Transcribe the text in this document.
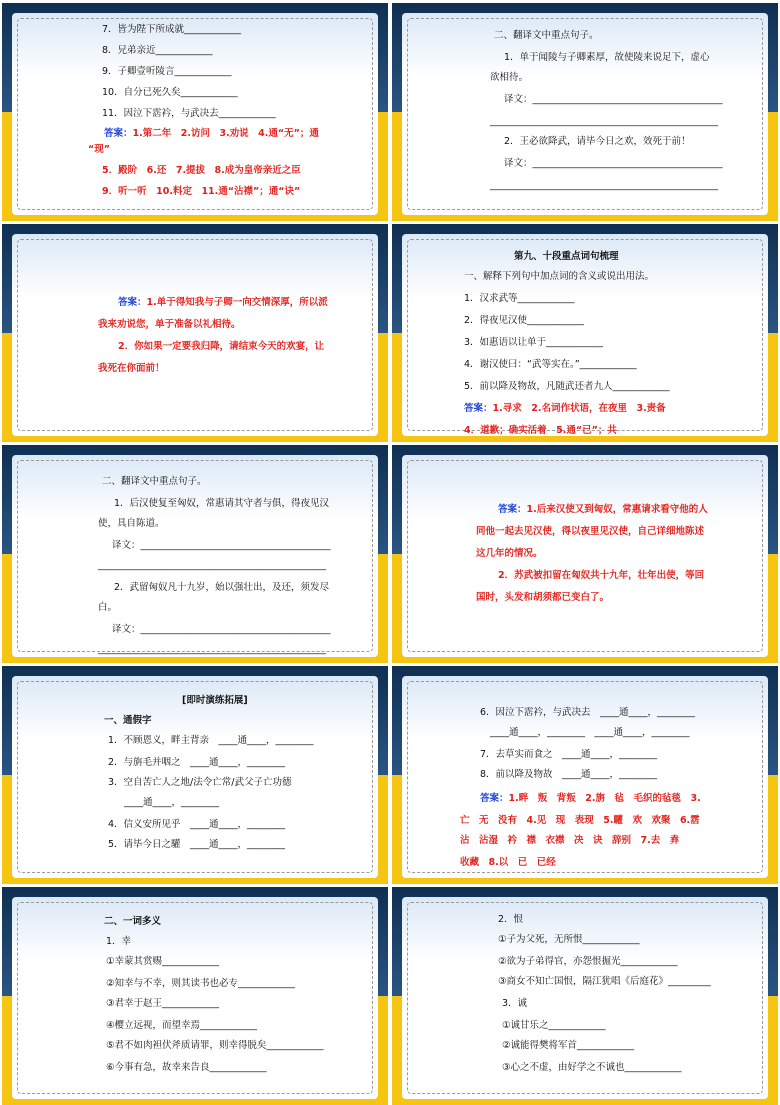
7．皆为陛下所成就____________
8．兄弟亲近____________
9．子卿壹听陵言____________
10．自分已死久矣____________
11．因泣下霑衿，与武决去____________
答案：1.第二年　2.访问　3.劝说　4.通“无”；通
“现”
5．殿阶　6.还　7.提拔　8.成为皇帝亲近之臣
9．听一听　10.料定　11.通“沾襟”；通“诀”
二、翻译文中重点句子。
1．单于闻陵与子卿素厚，故使陵来说足下，虚心
欲相待。
译文：________________________________________
________________________________________________
2．王必欲降武，请毕今日之欢，效死于前！
译文：________________________________________
________________________________________________
答案：1.单于得知我与子卿一向交情深厚，所以派
我来劝说您，单于准备以礼相待。
2．你如果一定要我归降，请结束今天的欢宴，让
我死在你面前！
第九、十段重点词句梳理
一、解释下列句中加点词的含义或说出用法。
1．汉求武等____________
2．得夜见汉使____________
3．如惠语以让单于____________
4．谢汉使曰：“武等实在。”____________
5．前以降及物故，凡随武还者九人____________
答案：1.寻求　2.名词作状语，在夜里　3.责备
4．道歉；确实活着　5.通“已”；共
二、翻译文中重点句子。
1．后汉使复至匈奴，常惠请其守者与俱，得夜见汉
使，具自陈道。
译文：________________________________________
________________________________________________
2．武留匈奴凡十九岁，始以强壮出，及还，须发尽
白。
译文：________________________________________
________________________________________________
答案：1.后来汉使又到匈奴，常惠请求看守他的人
同他一起去见汉使，得以夜里见汉使，自己详细地陈述
这几年的情况。
2．苏武被扣留在匈奴共十九年，壮年出使，等回
国时，头发和胡须都已变白了。
[即时演练拓展]
一、通假字
1．不顾恩义，畔主背亲　____通____，________
2．与旃毛并咽之　____通____，________
3．空自苦亡人之地/法令亡常/武父子亡功德
____通____，________
4．信义安所见乎　____通____，________
5．请毕今日之驩　____通____，________
6．因泣下霑衿，与武决去　____通____，________
____通____，________　____通____，________
7．去草实而食之　____通____，________
8．前以降及物故　____通____，________
答案：1.畔　叛　背叛　2.旃　毡　毛织的毡毯　3.
亡　无　没有　4.见　现　表现　5.驩　欢　欢聚　6.霑
沾　沾湿　衿　襟　衣襟　决　诀　辞别　7.去　弆
收藏　8.以　已　已经
二、一词多义
1．幸
①幸蒙其赏赐____________
②知幸与不幸，则其读书也必专____________
③君幸于赵王____________
④樱立远视，而望幸焉____________
⑤君不如肉袒伏斧质请罪，则幸得脱矣____________
⑥今事有急，故幸来告良____________
2．恨
①子为父死，无所恨____________
②欲为子弟得官，亦怨恨掘光____________
③商女不知亡国恨，隔江犹唱《后庭花》_________
3．诚
①诚甘乐之____________
②诚能得樊将军首____________
③心之不虚，由好学之不诚也____________
